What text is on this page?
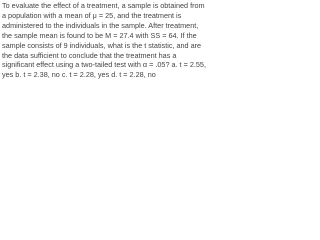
To evaluate the effect of a treatment, a sample is obtained from
a population with a mean of μ = 25, and the treatment is
administered to the individuals in the sample. After treatment,
the sample mean is found to be M = 27.4 with SS = 64. If the
sample consists of 9 individuals, what is the t statistic, and are
the data sufficient to conclude that the treatment has a
significant effect using a two-tailed test with α = .05? a. t = 2.55,
yes b. t = 2.38, no c. t = 2.28, yes d. t = 2.28, no
